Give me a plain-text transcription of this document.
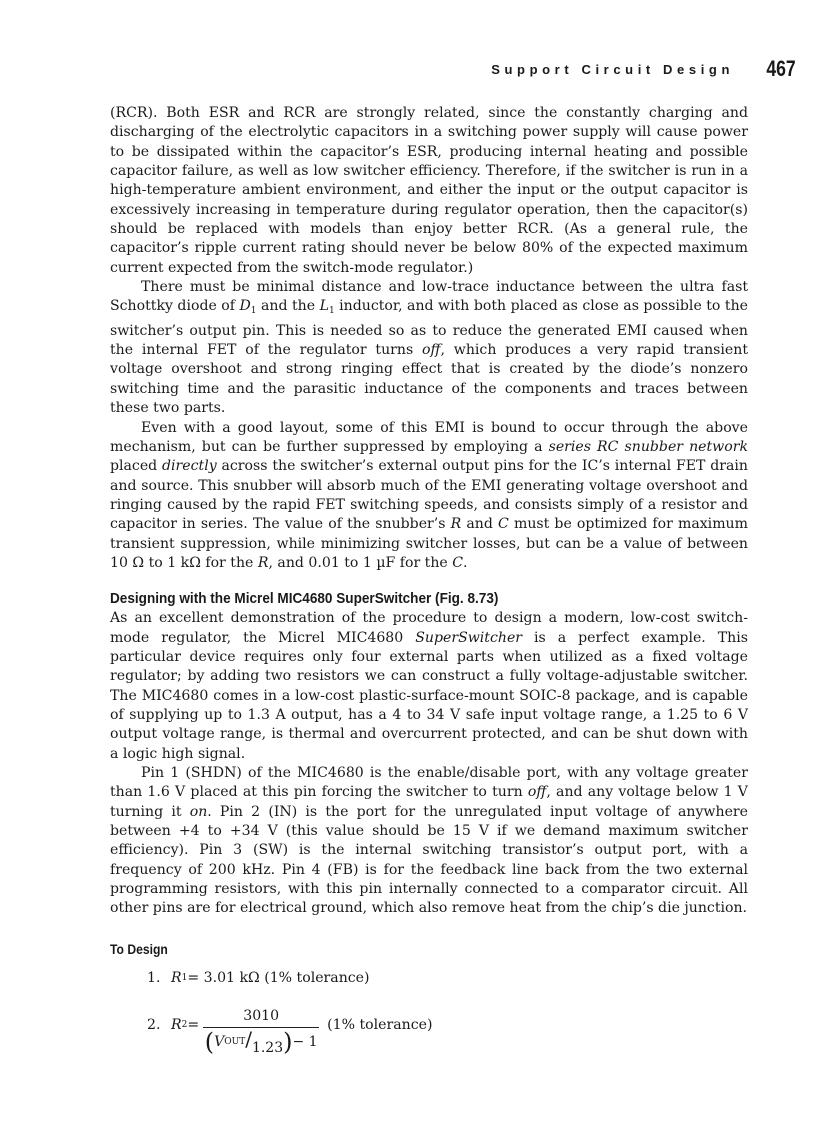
Support Circuit Design 467

(RCR). Both ESR and RCR are strongly related, since the constantly charging and discharging of the electrolytic capacitors in a switching power supply will cause power to be dissipated within the capacitor’s ESR, producing internal heating and possible capacitor failure, as well as low switcher efficiency. Therefore, if the switcher is run in a high-temperature ambient environment, and either the input or the output capacitor is excessively increasing in temperature during regulator operation, then the capacitor(s) should be replaced with models than enjoy better RCR. (As a general rule, the capacitor’s ripple current rating should never be below 80% of the expected maximum current expected from the switch-mode regulator.)

There must be minimal distance and low-trace inductance between the ultra fast Schottky diode of $D_1$ and the $L_1$ inductor, and with both placed as close as possible to the switcher’s output pin. This is needed so as to reduce the generated EMI caused when the internal FET of the regulator turns off, which produces a very rapid transient voltage overshoot and strong ringing effect that is created by the diode’s nonzero switching time and the parasitic inductance of the components and traces between these two parts.

Even with a good layout, some of this EMI is bound to occur through the above mechanism, but can be further suppressed by employing a series RC snubber network placed directly across the switcher’s external output pins for the IC’s internal FET drain and source. This snubber will absorb much of the EMI generating voltage overshoot and ringing caused by the rapid FET switching speeds, and consists simply of a resistor and capacitor in series. The value of the snubber’s R and C must be optimized for maximum transient suppression, while minimizing switcher losses, but can be a value of between 10 Ω to 1 kΩ for the R, and 0.01 to 1 µF for the C.

Designing with the Micrel MIC4680 SuperSwitcher (Fig. 8.73)

As an excellent demonstration of the procedure to design a modern, low-cost switch-mode regulator, the Micrel MIC4680 SuperSwitcher is a perfect example. This particular device requires only four external parts when utilized as a fixed voltage regulator; by adding two resistors we can construct a fully voltage-adjustable switcher. The MIC4680 comes in a low-cost plastic-surface-mount SOIC-8 package, and is capable of supplying up to 1.3 A output, has a 4 to 34 V safe input voltage range, a 1.25 to 6 V output voltage range, is thermal and overcurrent protected, and can be shut down with a logic high signal.

Pin 1 (SHDN) of the MIC4680 is the enable/disable port, with any voltage greater than 1.6 V placed at this pin forcing the switcher to turn off, and any voltage below 1 V turning it on. Pin 2 (IN) is the port for the unregulated input voltage of anywhere between +4 to +34 V (this value should be 15 V if we demand maximum switcher efficiency). Pin 3 (SW) is the internal switching transistor’s output port, with a frequency of 200 kHz. Pin 4 (FB) is for the feedback line back from the two external programming resistors, with this pin internally connected to a comparator circuit. All other pins are for electrical ground, which also remove heat from the chip’s die junction.

To Design
1. R 1 = 3.01 kΩ (1% tolerance)
2. R $2 = \frac{3010}{\text{(VOUT/1.23)− 1}} (1\%$ tolerance)
